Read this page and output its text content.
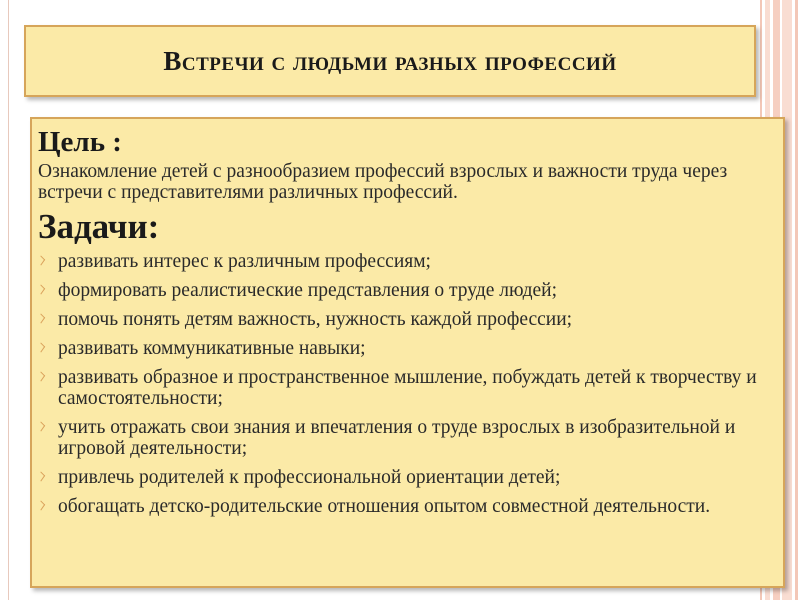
Встречи с людьми разных профессий
Цель :
Ознакомление детей с разнообразием профессий взрослых и важности труда через встречи с представителями различных профессий.
Задачи:
развивать интерес к различным профессиям;
формировать реалистические представления о труде людей;
помочь понять детям важность, нужность каждой профессии;
развивать коммуникативные навыки;
развивать образное и пространственное мышление, побуждать детей к творчеству и самостоятельности;
учить отражать свои знания и впечатления о труде взрослых в изобразительной и игровой деятельности;
привлечь родителей к профессиональной ориентации детей;
обогащать детско-родительские отношения опытом совместной деятельности.
